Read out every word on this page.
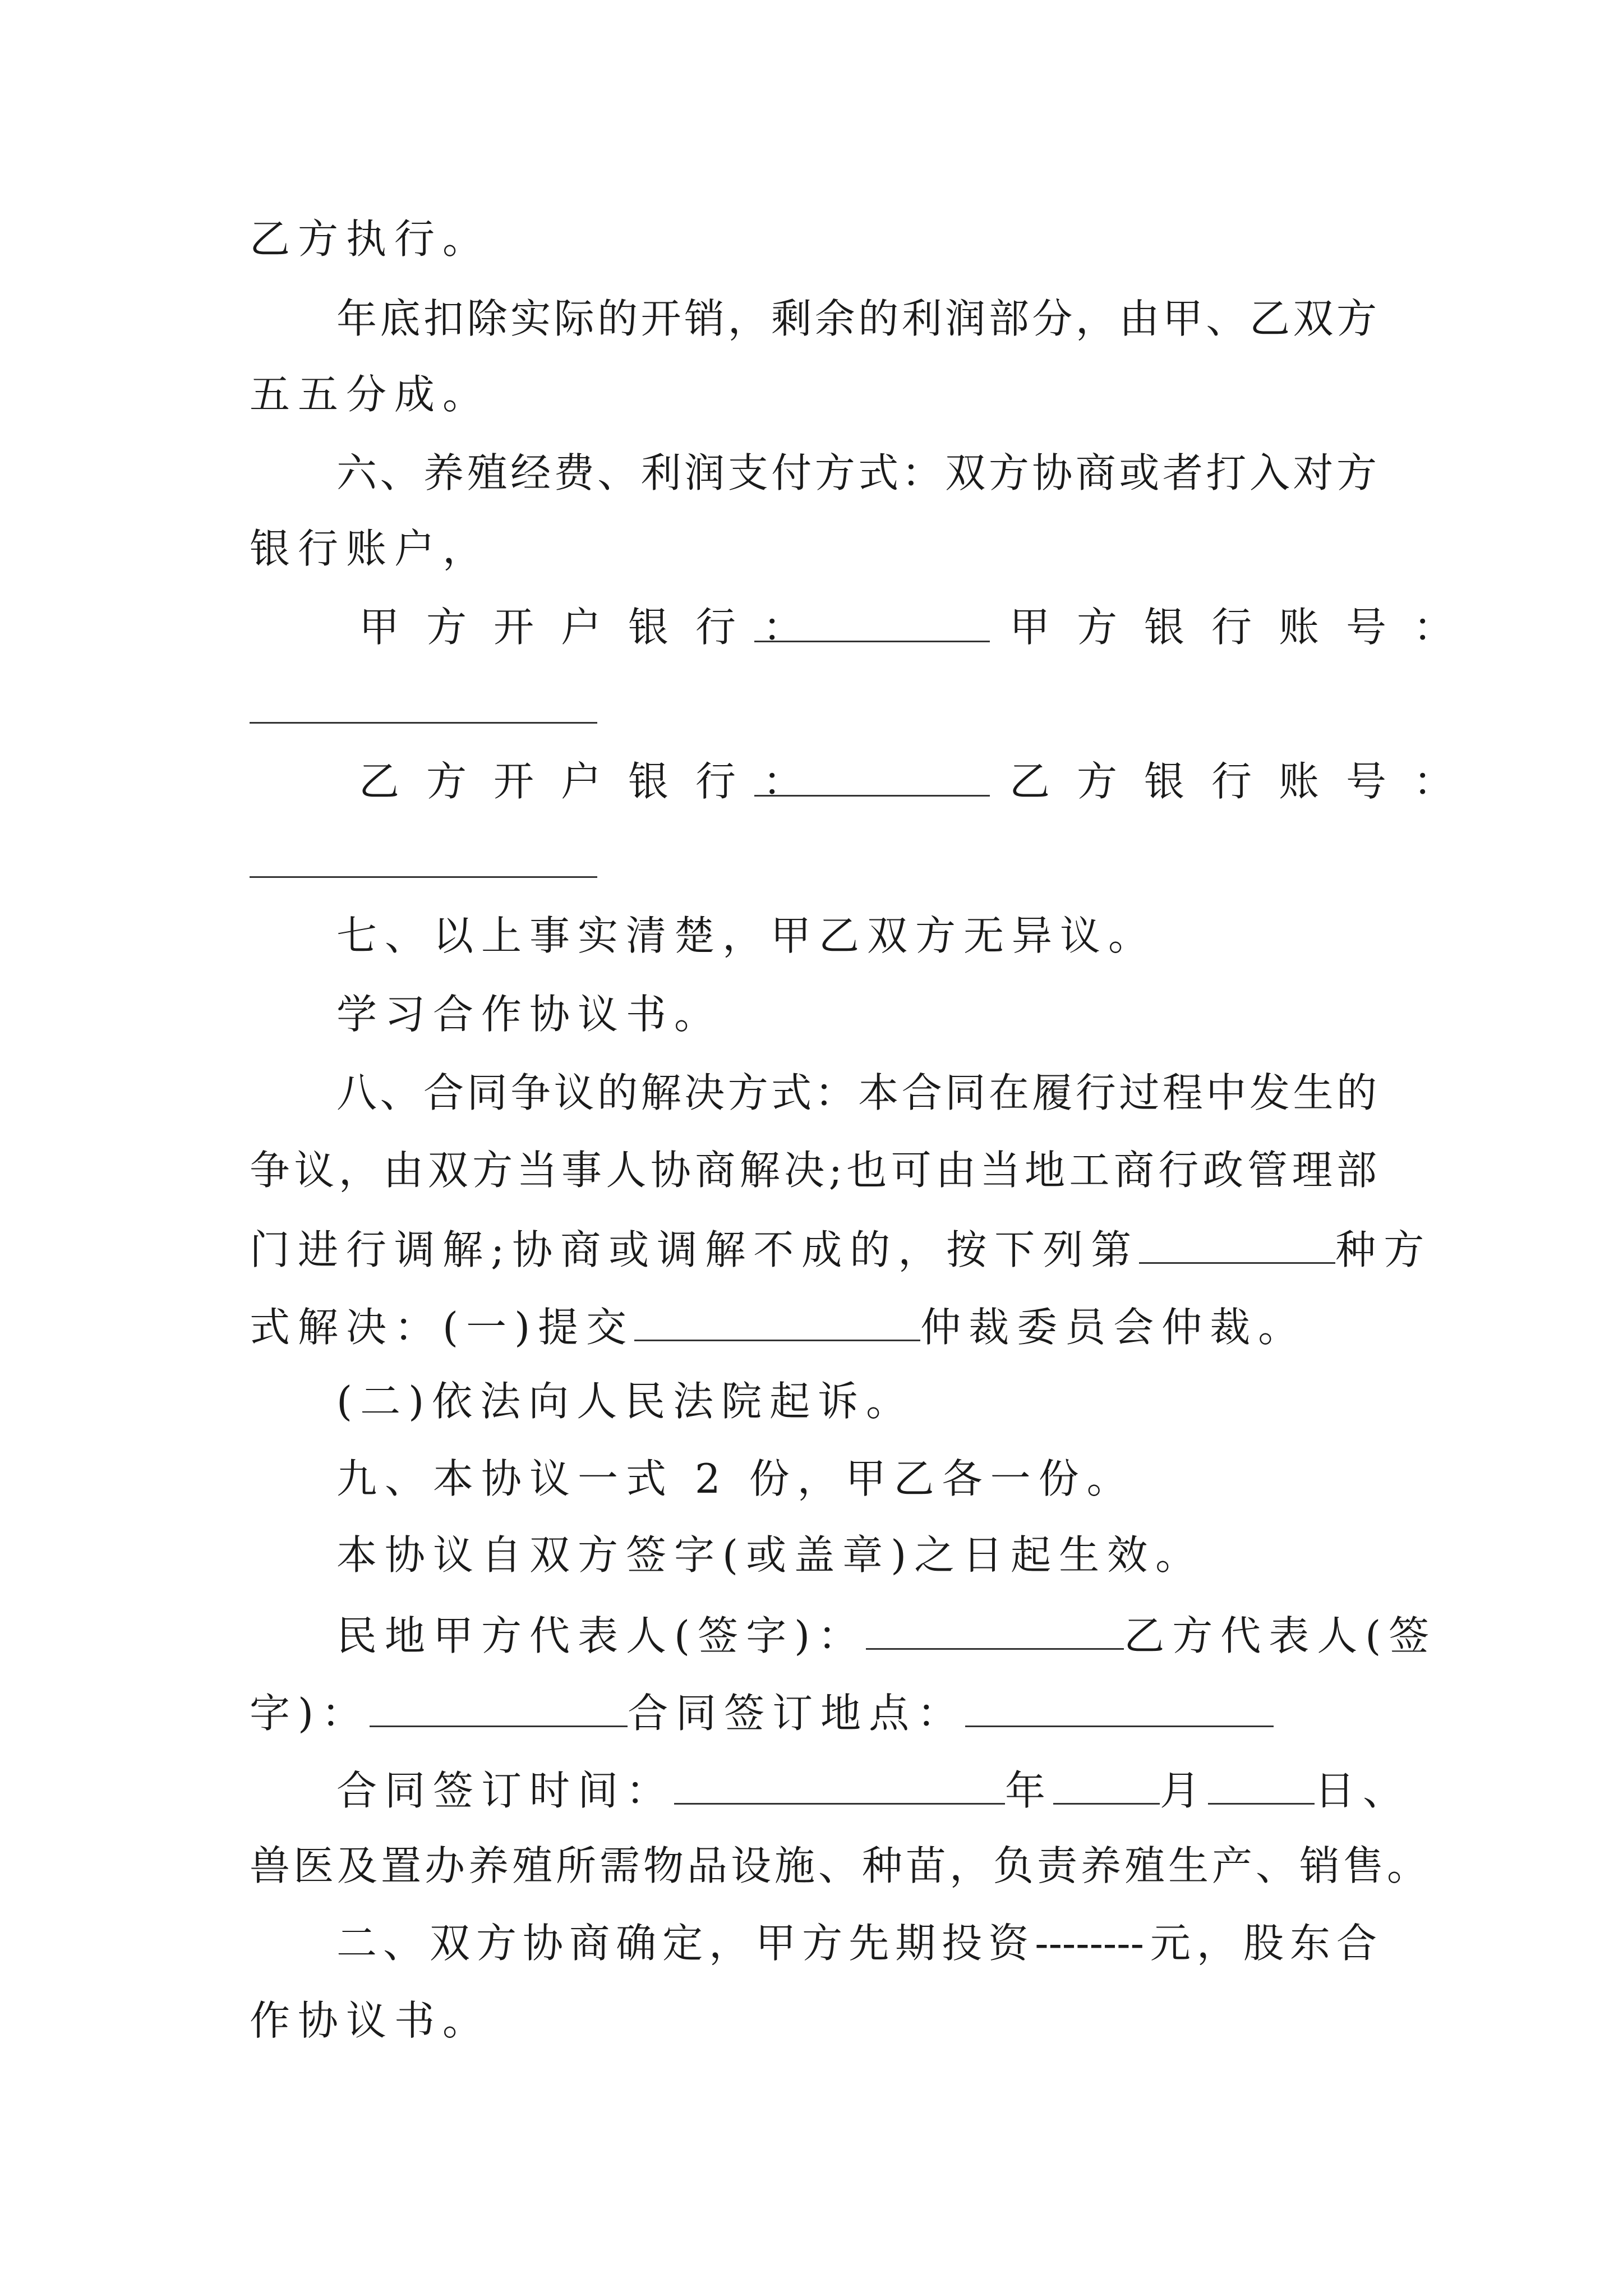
乙方执行。
年底扣除实际的开销，剩余的利润部分，由甲、乙双方
五五分成。
六、养殖经费、利润支付方式：双方协商或者打入对方
银行账户，
甲方开户银行：	甲方银行账号：
乙方开户银行：	乙方银行账号：
七、以上事实清楚，甲乙双方无异议。
学习合作协议书。
八、合同争议的解决方式：本合同在履行过程中发生的
争议，由双方当事人协商解决;也可由当地工商行政管理部
门进行调解;协商或调解不成的，按下列第	种方
式解决：(一)提交	仲裁委员会仲裁。
(二)依法向人民法院起诉。
九、本协议一式 2 份，甲乙各一份。
本协议自双方签字(或盖章)之日起生效。
民地甲方代表人(签字)：	乙方代表人(签
字)：	合同签订地点：
合同签订时间：	年	月	日、
兽医及置办养殖所需物品设施、种苗，负责养殖生产、销售。
二、双方协商确定，甲方先期投资--------元，股东合
作协议书。
